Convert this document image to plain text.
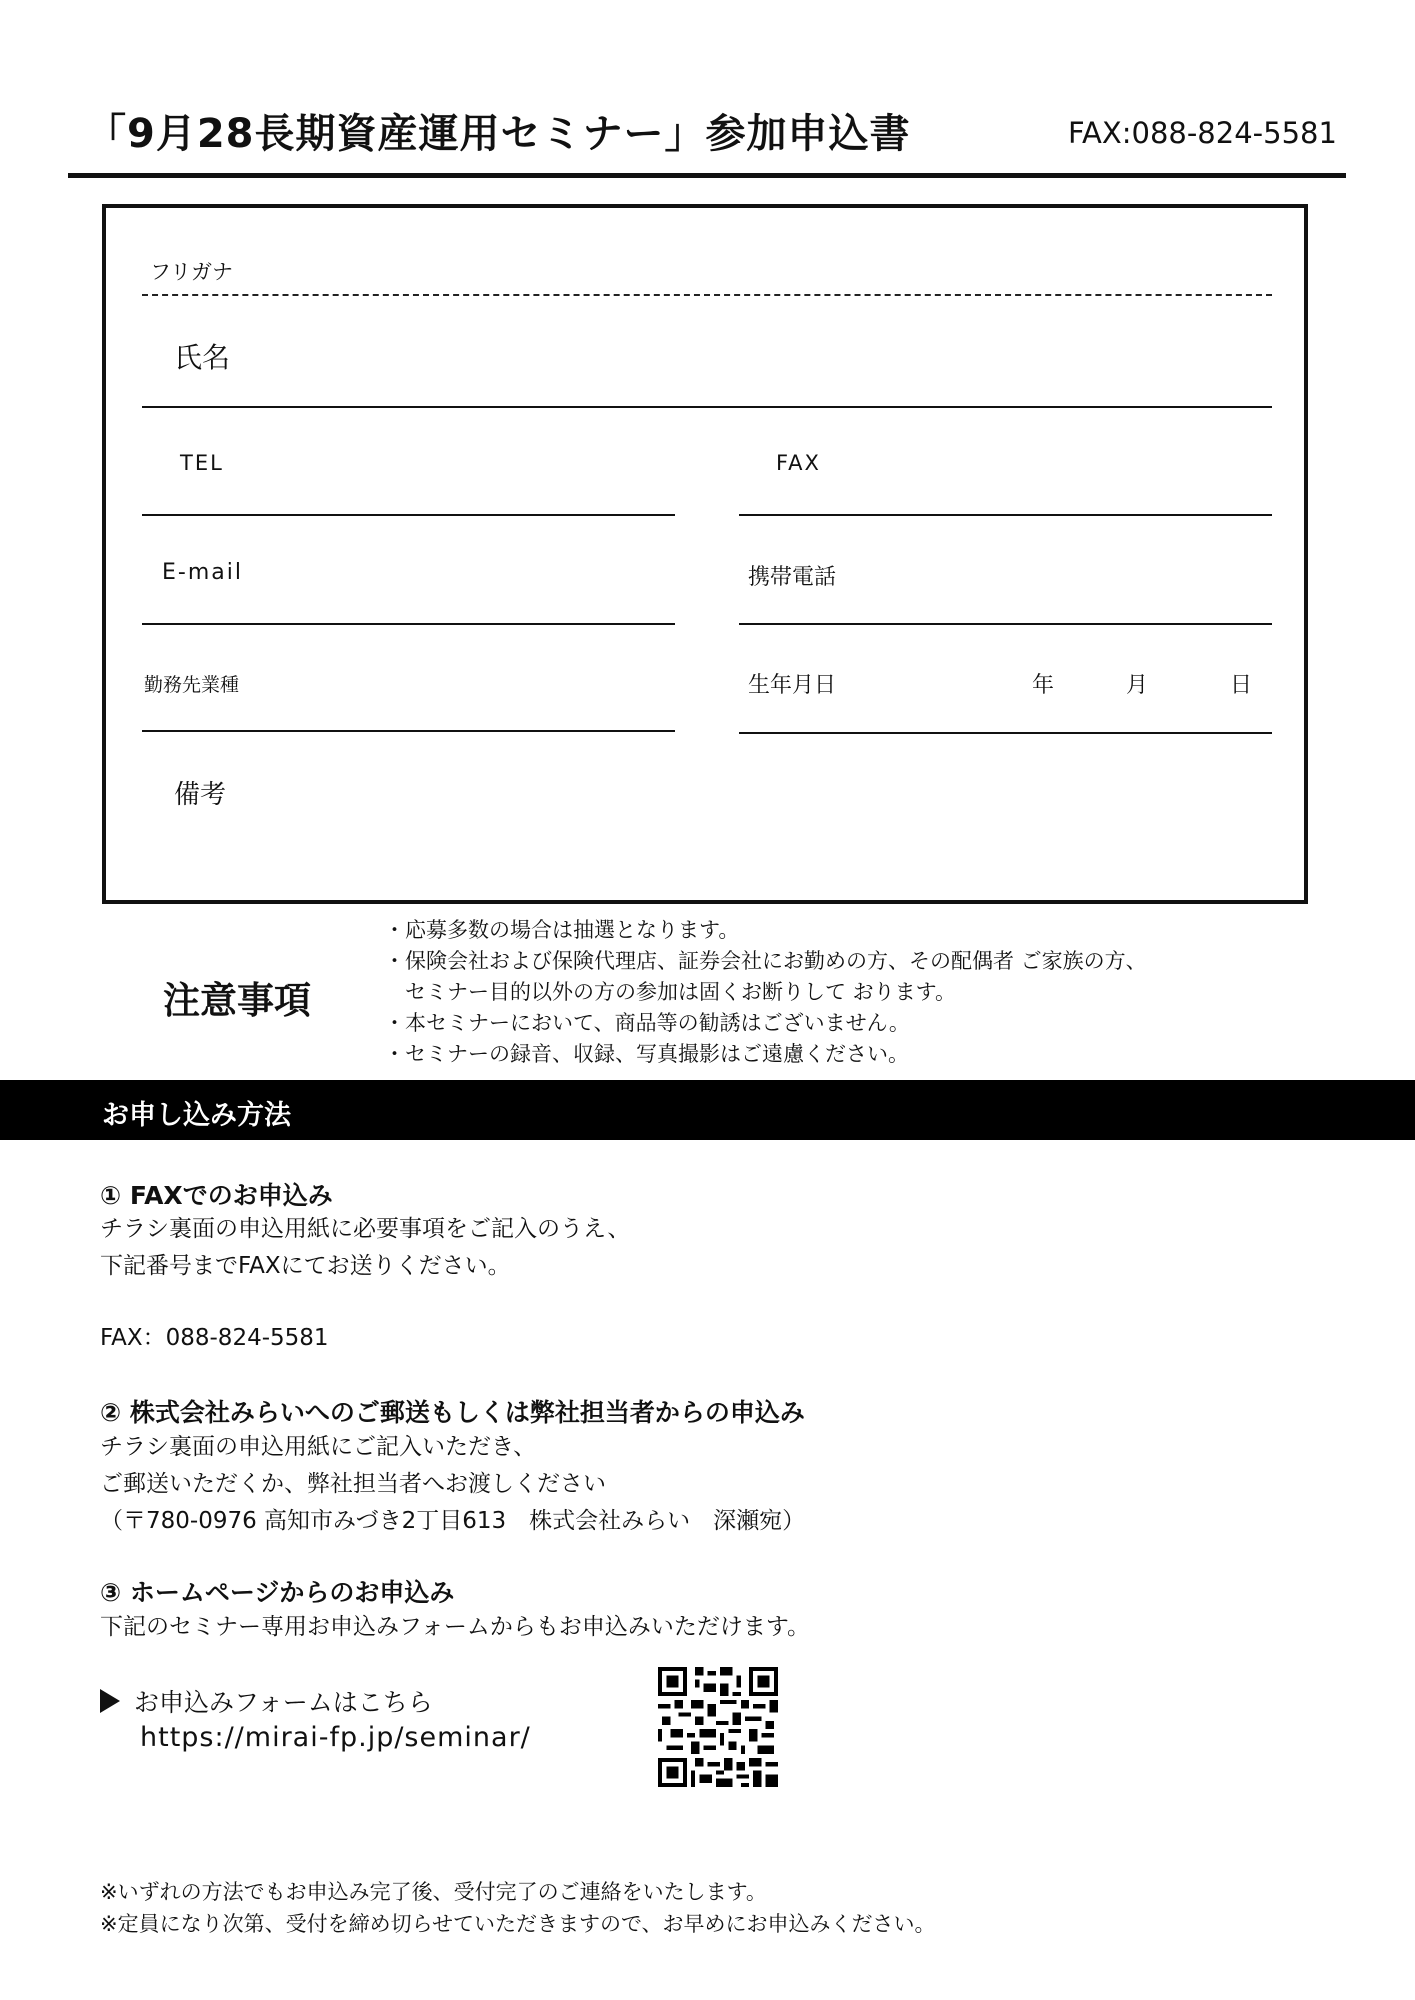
「9月28長期資産運用セミナー」参加申込書	FAX:088-824-5581
フリガナ
氏名
TEL	FAX
E-mail	携帯電話
勤務先業種	生年月日	年	月	日
備考
注意事項
・応募多数の場合は抽選となります。
・保険会社および保険代理店、証券会社にお勤めの方、その配偶者 ご家族の方、
　セミナー目的以外の方の参加は固くお断りして おります。
・本セミナーにおいて、商品等の勧誘はございません。
・セミナーの録音、収録、写真撮影はご遠慮ください。
お申し込み方法
① FAXでのお申込み
チラシ裏面の申込用紙に必要事項をご記入のうえ、
下記番号までFAXにてお送りください。
FAX：088-824-5581
② 株式会社みらいへのご郵送もしくは弊社担当者からの申込み
チラシ裏面の申込用紙にご記入いただき、
ご郵送いただくか、弊社担当者へお渡しください
（〒780-0976 高知市みづき2丁目613　株式会社みらい　深瀬宛）
③ ホームページからのお申込み
下記のセミナー専用お申込みフォームからもお申込みいただけます。
お申込みフォームはこちら
https://mirai-fp.jp/seminar/
※いずれの方法でもお申込み完了後、受付完了のご連絡をいたします。
※定員になり次第、受付を締め切らせていただきますので、お早めにお申込みください。
